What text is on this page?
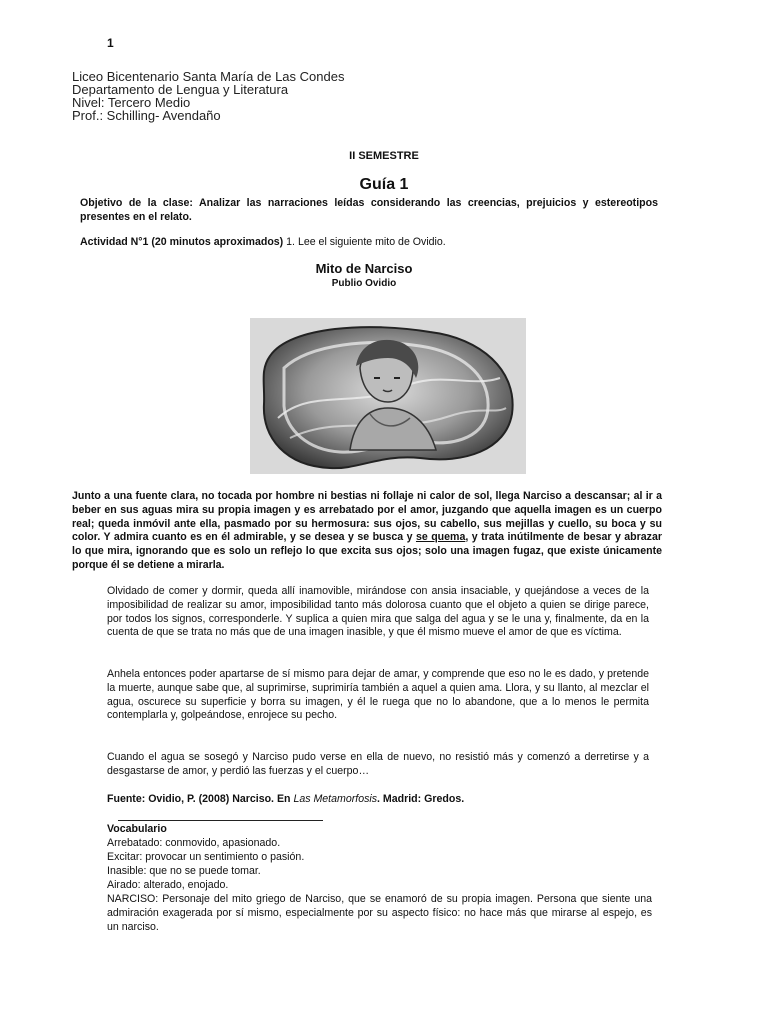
1
Liceo Bicentenario Santa María de Las Condes
Departamento de Lengua y Literatura
Nivel: Tercero Medio
Prof.: Schilling- Avendaño
II SEMESTRE
Guía 1
Objetivo de la clase: Analizar las narraciones leídas considerando las creencias, prejuicios y estereotipos presentes en el relato.
Actividad N°1 (20 minutos aproximados) 1. Lee el siguiente mito de Ovidio.
Mito de Narciso
Publio Ovidio
Junto a una fuente clara, no tocada por hombre ni bestias ni follaje ni calor de sol, llega Narciso a descansar; al ir a beber en sus aguas mira su propia imagen y es arrebatado por el amor, juzgando que aquella imagen es un cuerpo real; queda inmóvil ante ella, pasmado por su hermosura: sus ojos, su cabello, sus mejillas y cuello, su boca y su color. Y admira cuanto es en él admirable, y se desea y se busca y se quema, y trata inútilmente de besar y abrazar lo que mira, ignorando que es solo un reflejo lo que excita sus ojos; solo una imagen fugaz, que existe únicamente porque él se detiene a mirarla.
Olvidado de comer y dormir, queda allí inamovible, mirándose con ansia insaciable, y quejándose a veces de la imposibilidad de realizar su amor, imposibilidad tanto más dolorosa cuanto que el objeto a quien se dirige parece, por todos los signos, corresponderle. Y suplica a quien mira que salga del agua y se le una y, finalmente, da en la cuenta de que se trata no más que de una imagen inasible, y que él mismo mueve el amor de que es víctima.
Anhela entonces poder apartarse de sí mismo para dejar de amar, y comprende que eso no le es dado, y pretende la muerte, aunque sabe que, al suprimirse, suprimiría también a aquel a quien ama. Llora, y su llanto, al mezclar el agua, oscurece su superficie y borra su imagen, y él le ruega que no lo abandone, que a lo menos le permita contemplarla y, golpeándose, enrojece su pecho.
Cuando el agua se sosegó y Narciso pudo verse en ella de nuevo, no resistió más y comenzó a derretirse y a desgastarse de amor, y perdió las fuerzas y el cuerpo…
Fuente: Ovidio, P. (2008) Narciso. En Las Metamorfosis. Madrid: Gredos.
Vocabulario
Arrebatado: conmovido, apasionado.
Excitar: provocar un sentimiento o pasión.
Inasible: que no se puede tomar.
Airado: alterado, enojado.
NARCISO: Personaje del mito griego de Narciso, que se enamoró de su propia imagen. Persona que siente una admiración exagerada por sí mismo, especialmente por su aspecto físico: no hace más que mirarse al espejo, es un narciso.
